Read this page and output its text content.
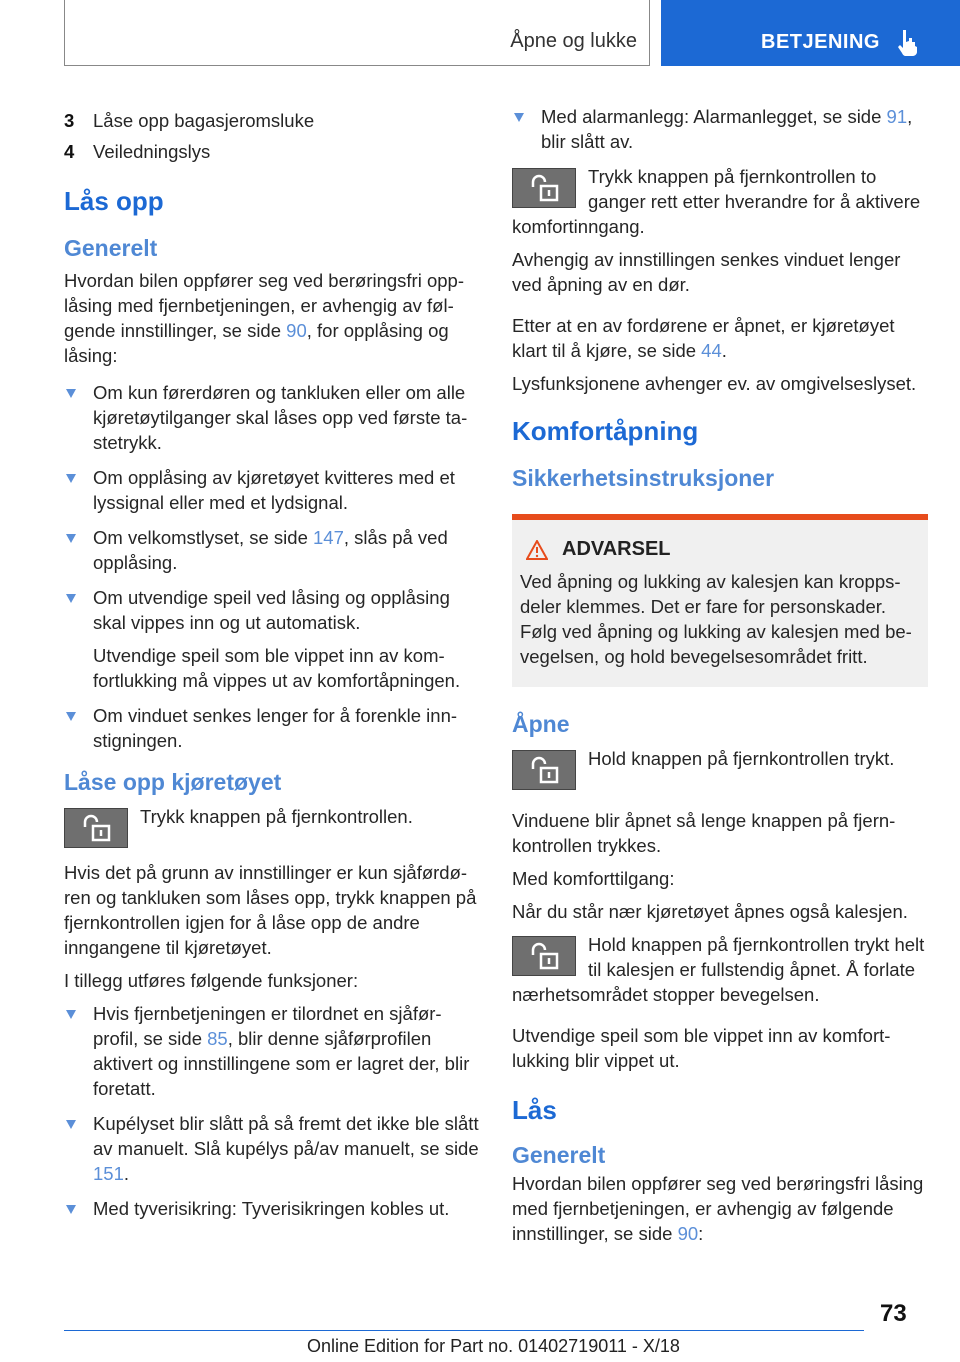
Åpne og lukke	BETJENING
3	Låse opp bagasjeromsluke
4	Veiledningslys
Lås opp
Generelt

Hvordan bilen oppfører seg ved berøringsfri opplåsing med fjernbetjeningen, er avhengig av følgende innstillinger, se side 90, for opplåsing og låsing:

Om kun førerdøren og tankluken eller om alle kjøretøytilganger skal låses opp ved første tastetrykk.
Om opplåsing av kjøretøyet kvitteres med et lyssignal eller med et lydsignal.
Om velkomstlyset, se side 147, slås på ved opplåsing.
Om utvendige speil ved låsing og opplåsing skal vippes inn og ut automatisk.
Utvendige speil som ble vippet inn av komfortlukking må vippes ut av komfortåpningen.
Om vinduet senkes lenger for å forenkle innstigningen.
Låse opp kjøretøyet
Trykk knappen på fjernkontrollen.

Hvis det på grunn av innstillinger er kun sjåførdøren og tankluken som låses opp, trykk knappen på fjernkontrollen igjen for å låse opp de andre inngangene til kjøretøyet.

I tillegg utføres følgende funksjoner:

Hvis fjernbetjeningen er tilordnet en sjåførprofil, se side 85, blir denne sjåførprofilen aktivert og innstillingene som er lagret der, blir foretatt.
Kupélyset blir slått på så fremt det ikke ble slått av manuelt. Slå kupélys på/av manuelt, se side 151.
Med tyverisikring: Tyverisikringen kobles ut.
Med alarmanlegg: Alarmanlegget, se side 91, blir slått av.
Trykk knappen på fjernkontrollen to ganger rett etter hverandre for å aktivere komfortinngang.

Avhengig av innstillingen senkes vinduet lenger ved åpning av en dør.

Etter at en av fordørene er åpnet, er kjøretøyet klart til å kjøre, se side 44.

Lysfunksjonene avhenger ev. av omgivelseslyset.

Komfortåpning
Sikkerhetsinstruksjoner
ADVARSEL

Ved åpning og lukking av kalesjen kan kroppsdeler klemmes. Det er fare for personskader. Følg ved åpning og lukking av kalesjen med bevegelsen, og hold bevegelsesområdet fritt.

Åpne
Hold knappen på fjernkontrollen trykt.

Vinduene blir åpnet så lenge knappen på fjernkontrollen trykkes.

Med komforttilgang:

Når du står nær kjøretøyet åpnes også kalesjen.

Hold knappen på fjernkontrollen trykt helt til kalesjen er fullstendig åpnet. Å forlate nærhetsområdet stopper bevegelsen.

Utvendige speil som ble vippet inn av komfortlukking blir vippet ut.

Lås
Generelt

Hvordan bilen oppfører seg ved berøringsfri låsing med fjernbetjeningen, er avhengig av følgende innstillinger, se side 90:

73
Online Edition for Part no. 01402719011 - X/18
